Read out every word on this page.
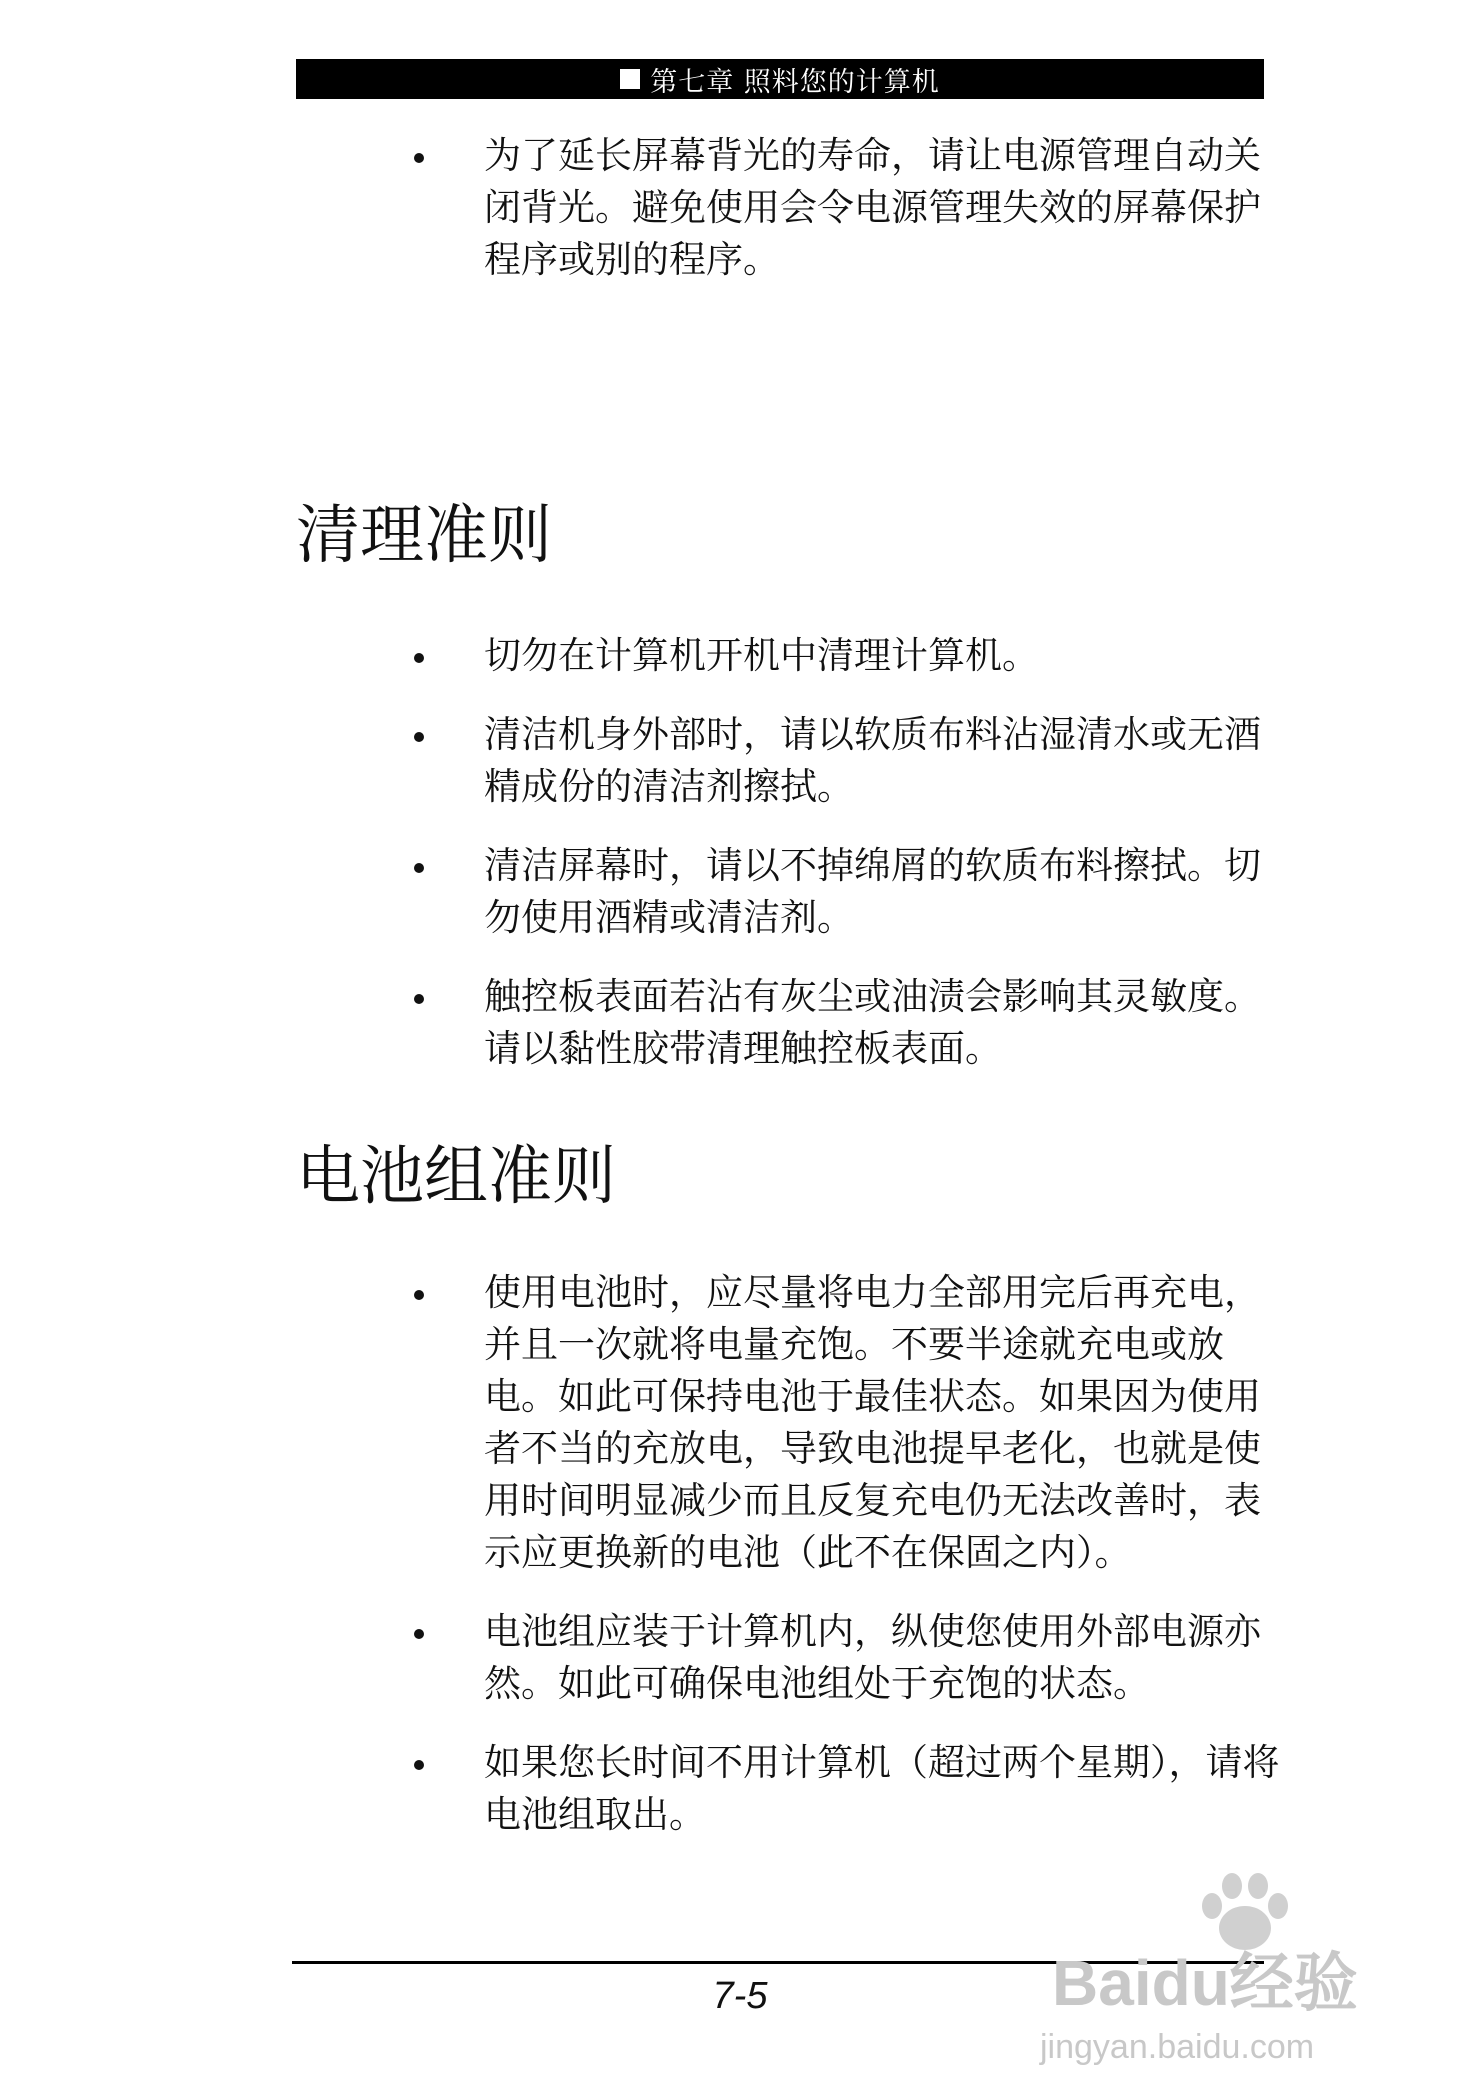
第七章 照料您的计算机
为了延长屏幕背光的寿命，请让电源管理自动关闭背光。避免使用会令电源管理失效的屏幕保护程序或别的程序。
清理准则
切勿在计算机开机中清理计算机。
清洁机身外部时，请以软质布料沾湿清水或无酒精成份的清洁剂擦拭。
清洁屏幕时，请以不掉绵屑的软质布料擦拭。切勿使用酒精或清洁剂。
触控板表面若沾有灰尘或油渍会影响其灵敏度。请以黏性胶带清理触控板表面。
电池组准则
使用电池时，应尽量将电力全部用完后再充电，并且一次就将电量充饱。不要半途就充电或放电。如此可保持电池于最佳状态。如果因为使用者不当的充放电，导致电池提早老化，也就是使用时间明显减少而且反复充电仍无法改善时，表示应更换新的电池（此不在保固之内）。
电池组应装于计算机内，纵使您使用外部电源亦然。如此可确保电池组处于充饱的状态。
如果您长时间不用计算机（超过两个星期），请将电池组取出。
7-5	Baidu经验
jingyan.baidu.com
